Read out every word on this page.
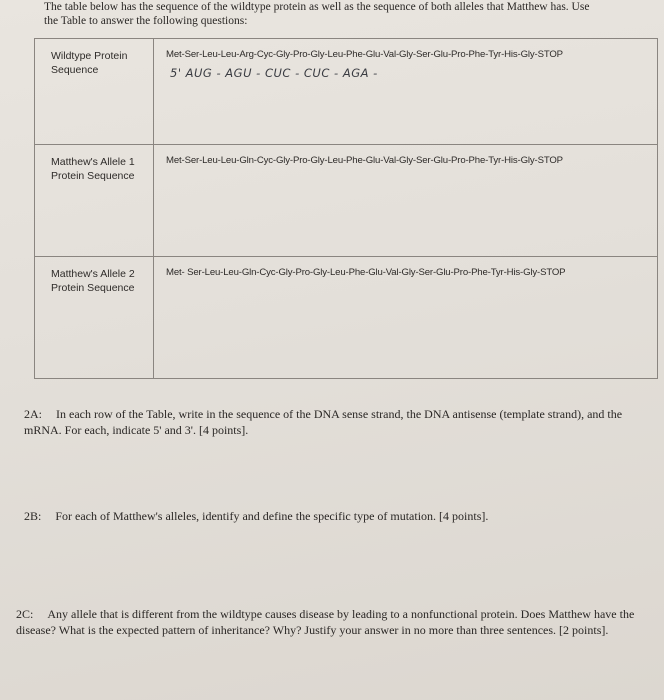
The table below has the sequence of the wildtype protein as well as the sequence of both alleles that Matthew has. Use the Table to answer the following questions:
Wildtype Protein Sequence	Met-Ser-Leu-Leu-Arg-Cyc-Gly-Pro-Gly-Leu-Phe-Glu-Val-Gly-Ser-Glu-Pro-Phe-Tyr-His-Gly-STOP
5' AUG - AGU - CUC - CUC - AGA -

Matthew's Allele 1 Protein Sequence	Met-Ser-Leu-Leu-Gln-Cyc-Gly-Pro-Gly-Leu-Phe-Glu-Val-Gly-Ser-Glu-Pro-Phe-Tyr-His-Gly-STOP

Matthew's Allele 2 Protein Sequence	Met- Ser-Leu-Leu-Gln-Cyc-Gly-Pro-Gly-Leu-Phe-Glu-Val-Gly-Ser-Glu-Pro-Phe-Tyr-His-Gly-STOP
2A: In each row of the Table, write in the sequence of the DNA sense strand, the DNA antisense (template strand), and the mRNA. For each, indicate 5' and 3'. [4 points].
2B: For each of Matthew's alleles, identify and define the specific type of mutation. [4 points].
2C: Any allele that is different from the wildtype causes disease by leading to a nonfunctional protein. Does Matthew have the disease? What is the expected pattern of inheritance? Why? Justify your answer in no more than three sentences. [2 points].
